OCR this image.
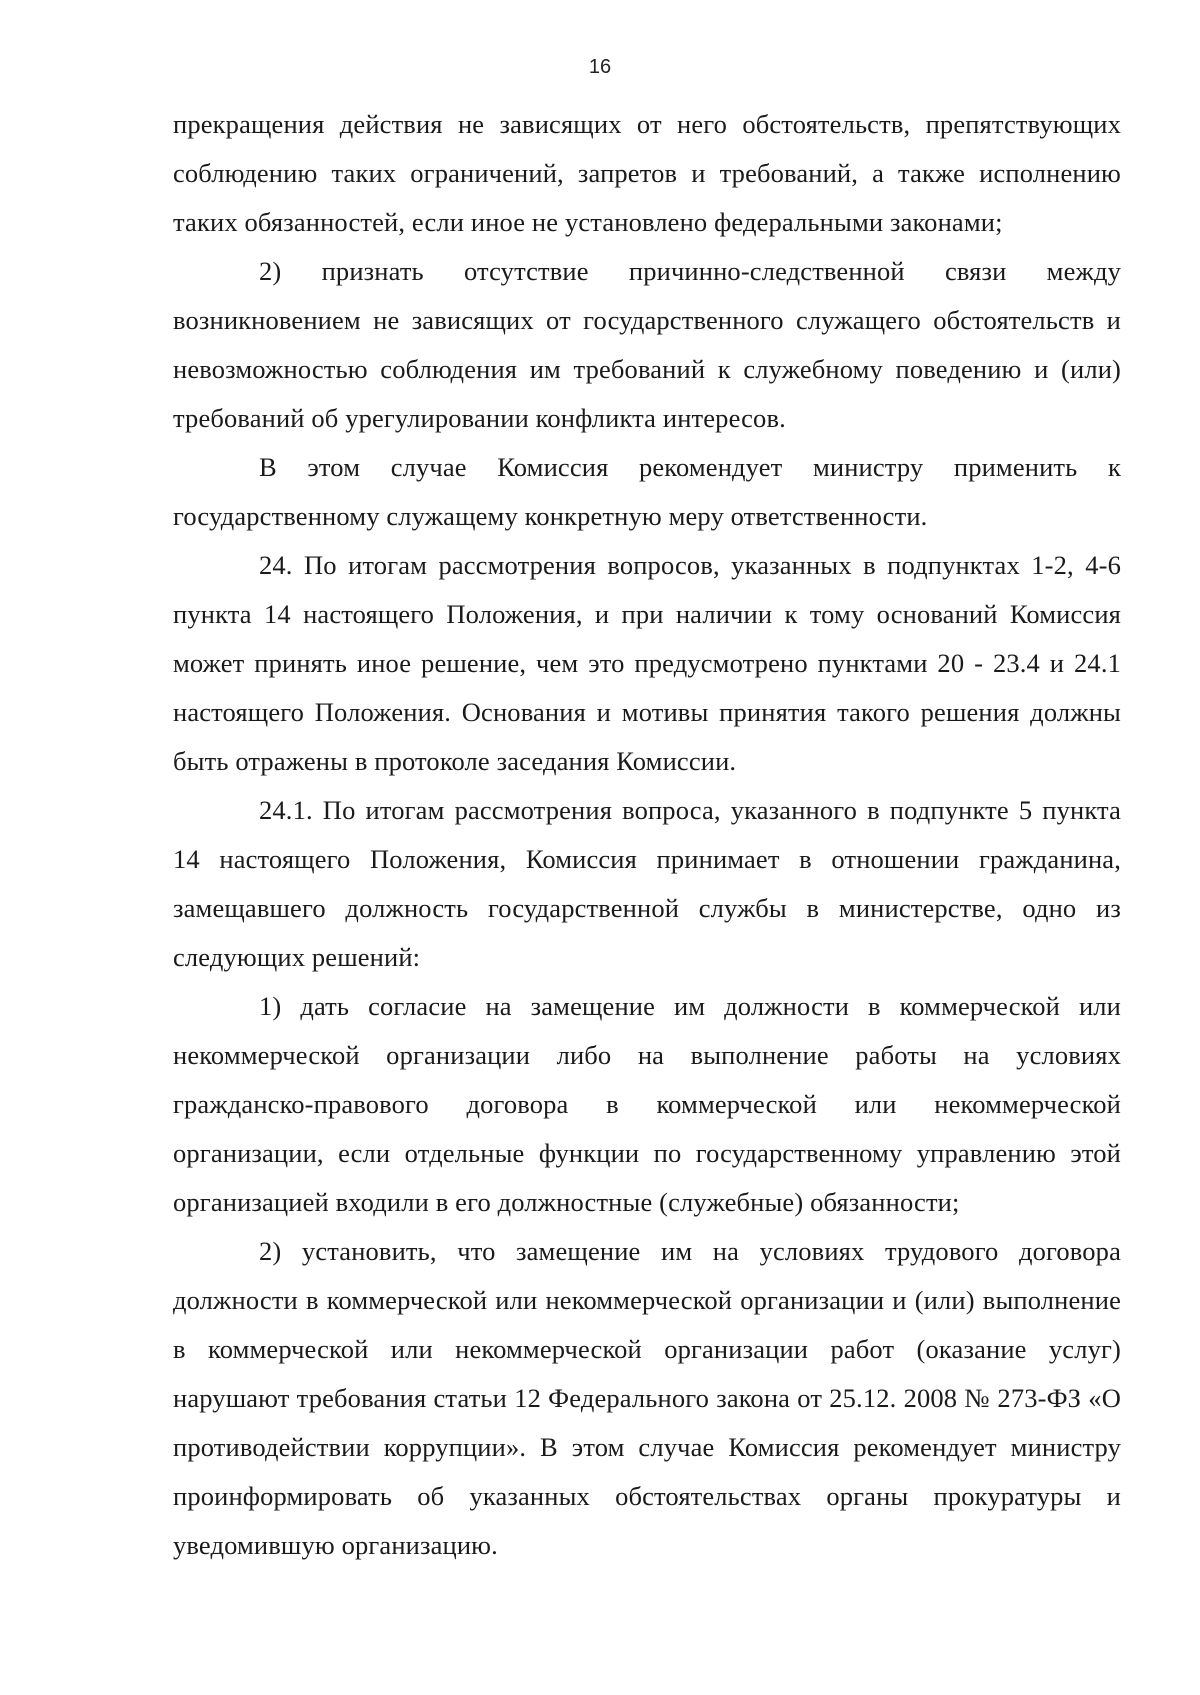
16

прекращения действия не зависящих от него обстоятельств, препятствующих соблюдению таких ограничений, запретов и требований, а также исполнению таких обязанностей, если иное не установлено федеральными законами;

2) признать отсутствие причинно-следственной связи между возникновением не зависящих от государственного служащего обстоятельств и невозможностью соблюдения им требований к служебному поведению и (или) требований об урегулировании конфликта интересов.

В этом случае Комиссия рекомендует министру применить к государственному служащему конкретную меру ответственности.

24. По итогам рассмотрения вопросов, указанных в подпунктах 1-2, 4-6 пункта 14 настоящего Положения, и при наличии к тому оснований Комиссия может принять иное решение, чем это предусмотрено пунктами 20 - 23.4 и 24.1 настоящего Положения. Основания и мотивы принятия такого решения должны быть отражены в протоколе заседания Комиссии.

24.1. По итогам рассмотрения вопроса, указанного в подпункте 5 пункта 14 настоящего Положения, Комиссия принимает в отношении гражданина, замещавшего должность государственной службы в министерстве, одно из следующих решений:

1) дать согласие на замещение им должности в коммерческой или некоммерческой организации либо на выполнение работы на условиях гражданско-правового договора в коммерческой или некоммерческой организации, если отдельные функции по государственному управлению этой организацией входили в его должностные (служебные) обязанности;

2) установить, что замещение им на условиях трудового договора должности в коммерческой или некоммерческой организации и (или) выполнение в коммерческой или некоммерческой организации работ (оказание услуг) нарушают требования статьи 12 Федерального закона от 25.12. 2008 № 273-ФЗ «О противодействии коррупции». В этом случае Комиссия рекомендует министру проинформировать об указанных обстоятельствах органы прокуратуры и уведомившую организацию.
